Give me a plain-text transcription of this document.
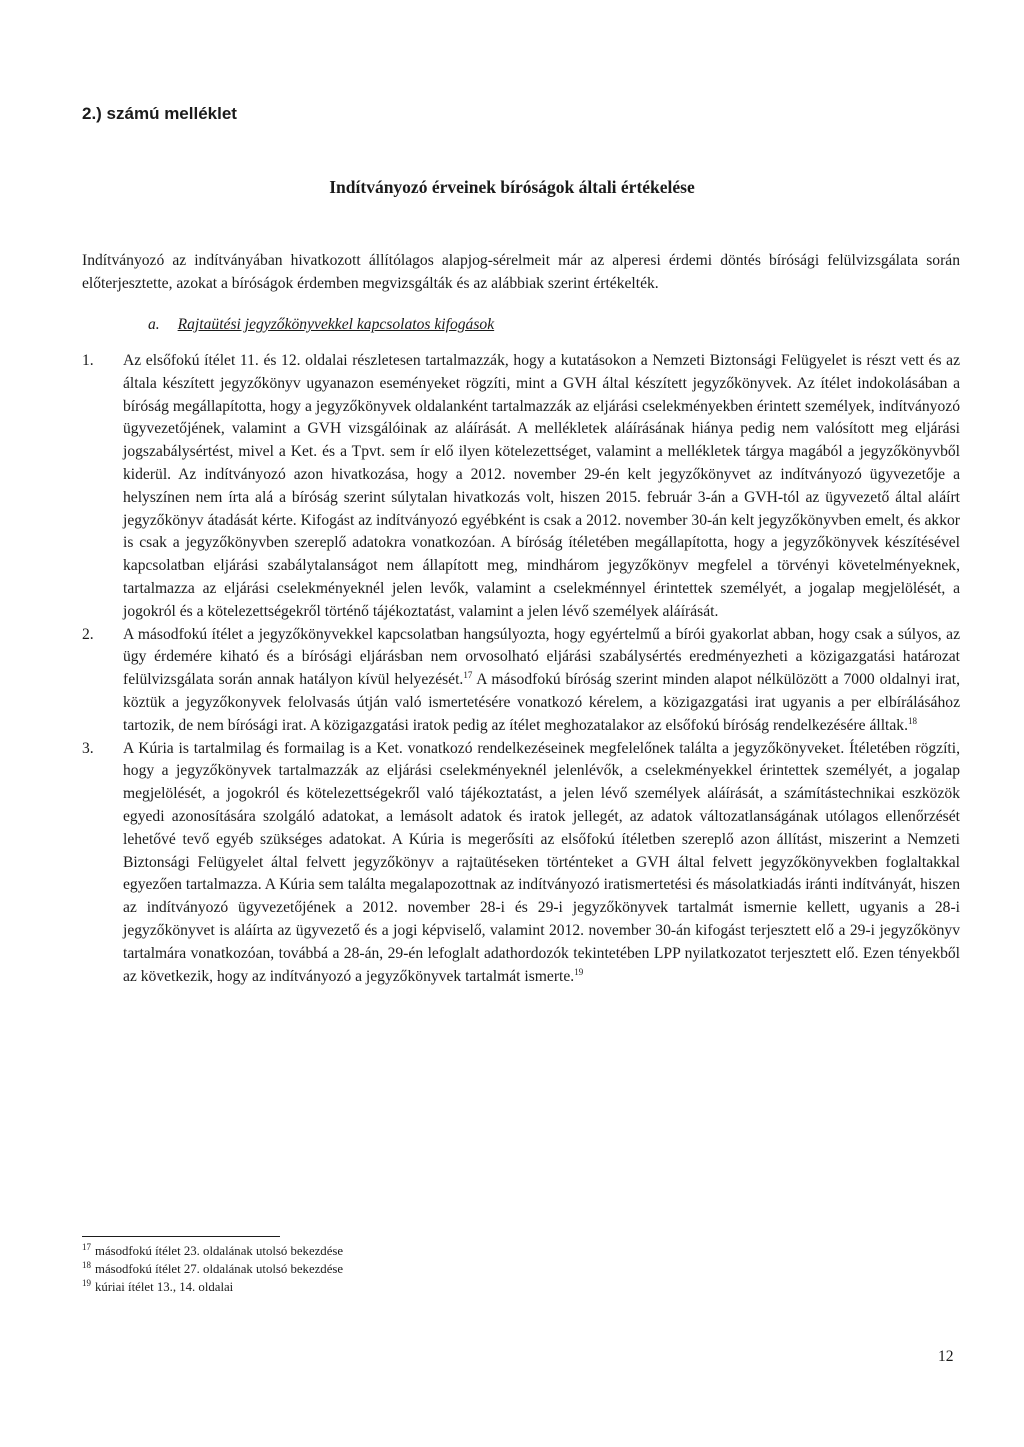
2.) számú melléklet
Indítványozó érveinek bíróságok általi értékelése

Indítványozó az indítványában hivatkozott állítólagos alapjog-sérelmeit már az alperesi érdemi döntés bírósági felülvizsgálata során előterjesztette, azokat a bíróságok érdemben megvizsgálták és az alábbiak szerint értékelték.

a. Rajtaütési jegyzőkönyvekkel kapcsolatos kifogások
1. Az elsőfokú ítélet 11. és 12. oldalai részletesen tartalmazzák, hogy a kutatásokon a Nemzeti Biztonsági Felügyelet is részt vett és az általa készített jegyzőkönyv ugyanazon eseményeket rögzíti, mint a GVH által készített jegyzőkönyvek. Az ítélet indokolásában a bíróság megállapította, hogy a jegyzőkönyvek oldalanként tartalmazzák az eljárási cselekményekben érintett személyek, indítványozó ügyvezetőjének, valamint a GVH vizsgálóinak az aláírását. A mellékletek aláírásának hiánya pedig nem valósított meg eljárási jogszabálysértést, mivel a Ket. és a Tpvt. sem ír elő ilyen kötelezettséget, valamint a mellékletek tárgya magából a jegyzőkönyvből kiderül. Az indítványozó azon hivatkozása, hogy a 2012. november 29-én kelt jegyzőkönyvet az indítványozó ügyvezetője a helyszínen nem írta alá a bíróság szerint súlytalan hivatkozás volt, hiszen 2015. február 3-án a GVH-tól az ügyvezető által aláírt jegyzőkönyv átadását kérte. Kifogást az indítványozó egyébként is csak a 2012. november 30-án kelt jegyzőkönyvben emelt, és akkor is csak a jegyzőkönyvben szereplő adatokra vonatkozóan. A bíróság ítéletében megállapította, hogy a jegyzőkönyvek készítésével kapcsolatban eljárási szabálytalanságot nem állapított meg, mindhárom jegyzőkönyv megfelel a törvényi követelményeknek, tartalmazza az eljárási cselekményeknél jelen levők, valamint a cselekménnyel érintettek személyét, a jogalap megjelölését, a jogokról és a kötelezettségekről történő tájékoztatást, valamint a jelen lévő személyek aláírását.
2. A másodfokú ítélet a jegyzőkönyvekkel kapcsolatban hangsúlyozta, hogy egyértelmű a bírói gyakorlat abban, hogy csak a súlyos, az ügy érdemére kiható és a bírósági eljárásban nem orvosolható eljárási szabálysértés eredményezheti a közigazgatási határozat felülvizsgálata során annak hatályon kívül helyezését.$^{17}$ A másodfokú bíróság szerint minden alapot nélkülözött a 7000 oldalnyi irat, köztük a jegyzőkonyvek felolvasás útján való ismertetésére vonatkozó kérelem, a közigazgatási irat ugyanis a per elbírálásához tartozik, de nem bírósági irat. A közigazgatási iratok pedig az ítélet meghozatalakor az elsőfokú bíróság rendelkezésére álltak.$^{18}$
3. A Kúria is tartalmilag és formailag is a Ket. vonatkozó rendelkezéseinek megfelelőnek találta a jegyzőkönyveket. Ítéletében rögzíti, hogy a jegyzőkönyvek tartalmazzák az eljárási cselekményeknél jelenlévők, a cselekményekkel érintettek személyét, a jogalap megjelölését, a jogokról és kötelezettségekről való tájékoztatást, a jelen lévő személyek aláírását, a számítástechnikai eszközök egyedi azonosítására szolgáló adatokat, a lemásolt adatok és iratok jellegét, az adatok változatlanságának utólagos ellenőrzését lehetővé tevő egyéb szükséges adatokat. A Kúria is megerősíti az elsőfokú ítéletben szereplő azon állítást, miszerint a Nemzeti Biztonsági Felügyelet által felvett jegyzőkönyv a rajtaütéseken történteket a GVH által felvett jegyzőkönyvekben foglaltakkal egyezően tartalmazza. A Kúria sem találta megalapozottnak az indítványozó iratismertetési és másolatkiadás iránti indítványát, hiszen az indítványozó ügyvezetőjének a 2012. november 28-i és 29-i jegyzőkönyvek tartalmát ismernie kellett, ugyanis a 28-i jegyzőkönyvet is aláírta az ügyvezető és a jogi képviselő, valamint 2012. november 30-án kifogást terjesztett elő a 29-i jegyzőkönyv tartalmára vonatkozóan, továbbá a 28-án, 29-én lefoglalt adathordozók tekintetében LPP nyilatkozatot terjesztett elő. Ezen tényekből az következik, hogy az indítványozó a jegyzőkönyvek tartalmát ismerte.$^{19}$
$^{17}$ másodfokú ítélet 23. oldalának utolsó bekezdése
$^{18}$ másodfokú ítélet 27. oldalának utolsó bekezdése
$^{19}$ kúriai ítélet 13., 14. oldalai
12
